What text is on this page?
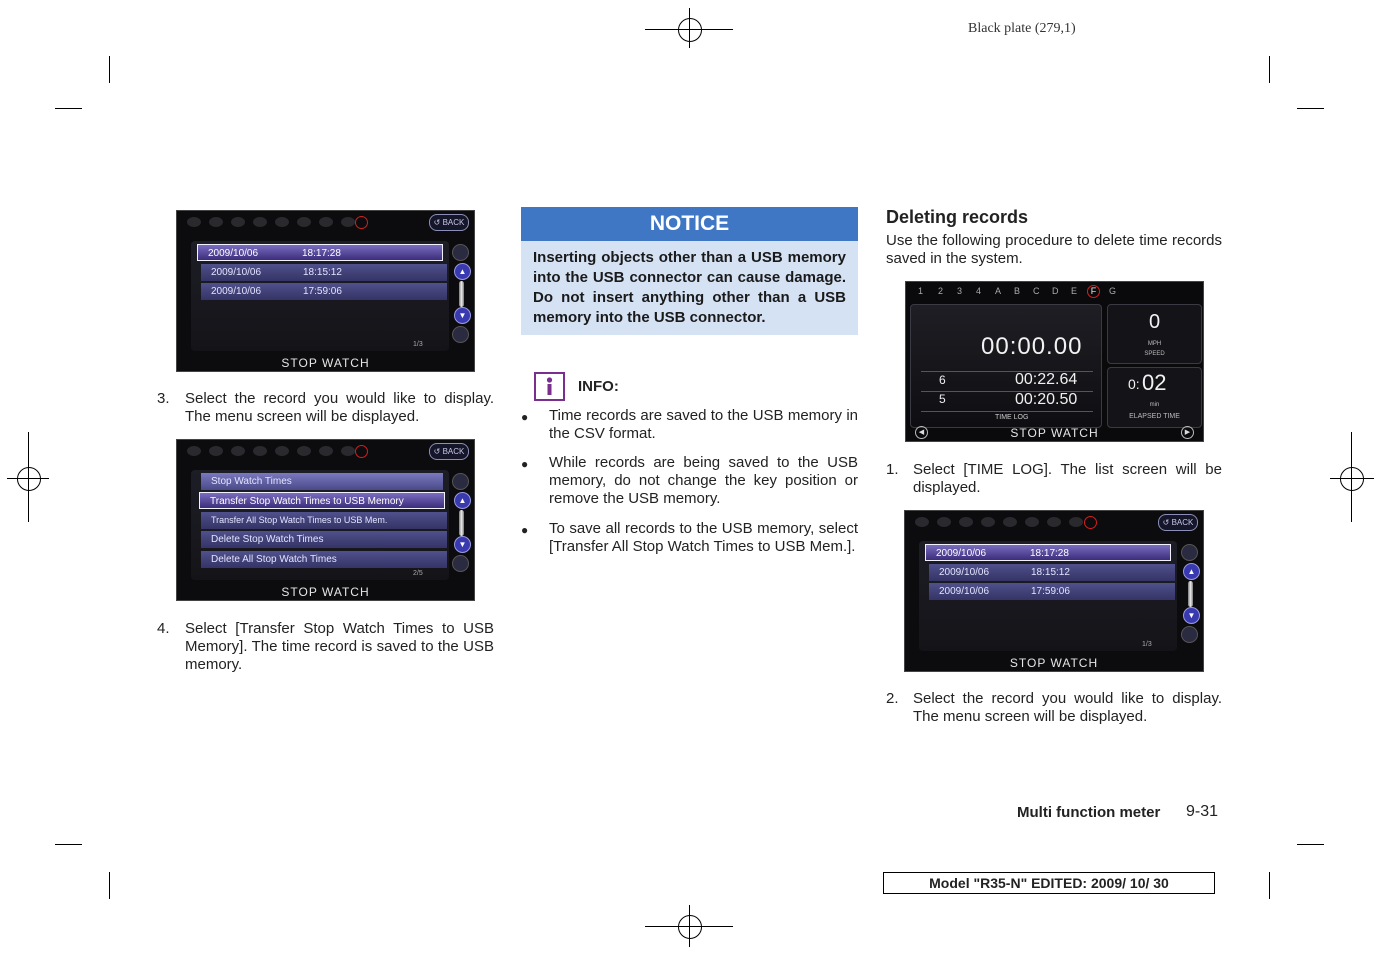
Black plate (279,1)
↺ BACK
2009/10/06	18:17:28
2009/10/06	18:15:12
2009/10/06	17:59:06
▲
▼
1/3
STOP WATCH
3. Select the record you would like to display. The menu screen will be displayed.
↺ BACK
Stop Watch Times
Transfer Stop Watch Times to USB Memory
Transfer All Stop Watch Times to USB Mem.
Delete Stop Watch Times
Delete All Stop Watch Times
▲
▼
2/5
STOP WATCH
4. Select [Transfer Stop Watch Times to USB Memory]. The time record is saved to the USB memory.
NOTICE
Inserting objects other than a USB memory into the USB connector can cause damage. Do not insert anything other than a USB memory into the USB connector.
INFO:
● Time records are saved to the USB memory in the CSV format.
● While records are being saved to the USB memory, do not change the key position or remove the USB memory.
● To save all records to the USB memory, select [Transfer All Stop Watch Times to USB Mem.].
Deleting records
Use the following procedure to delete time records saved in the system.
1 2 3 4 A B C D E	F	G
00:00.00
6	00:22.64
5	00:20.50
TIME LOG
0
MPH
SPEED
0: 02
min
ELAPSED TIME
◀	▶
STOP WATCH
1. Select [TIME LOG]. The list screen will be displayed.
↺ BACK
2009/10/06	18:17:28
2009/10/06	18:15:12
2009/10/06	17:59:06
▲
▼
1/3
STOP WATCH
2. Select the record you would like to display. The menu screen will be displayed.
Multi function meter 9-31
Model "R35-N" EDITED: 2009/ 10/ 30
